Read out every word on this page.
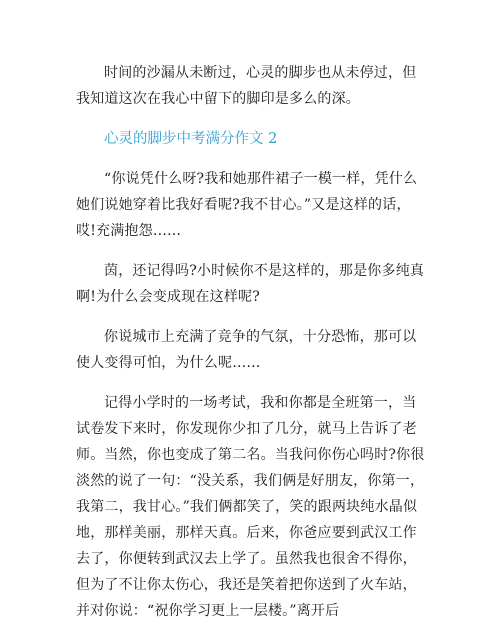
时间的沙漏从未断过，心灵的脚步也从未停过，但我知道这次在我心中留下的脚印是多么的深。

心灵的脚步中考满分作文 2

“你说凭什么呀?我和她那件裙子一模一样，凭什么她们说她穿着比我好看呢?我不甘心。”又是这样的话，哎!充满抱怨……

茵，还记得吗?小时候你不是这样的，那是你多纯真啊!为什么会变成现在这样呢?

你说城市上充满了竞争的气氛，十分恐怖，那可以使人变得可怕，为什么呢……

记得小学时的一场考试，我和你都是全班第一，当试卷发下来时，你发现你少扣了几分，就马上告诉了老师。当然，你也变成了第二名。当我问你伤心吗时?你很淡然的说了一句：“没关系，我们俩是好朋友，你第一，我第二，我甘心。”我们俩都笑了，笑的跟两块纯水晶似地，那样美丽，那样天真。后来，你爸应要到武汉工作去了，你便转到武汉去上学了。虽然我也很舍不得你，但为了不让你太伤心，我还是笑着把你送到了火车站，并对你说：“祝你学习更上一层楼。”离开后
